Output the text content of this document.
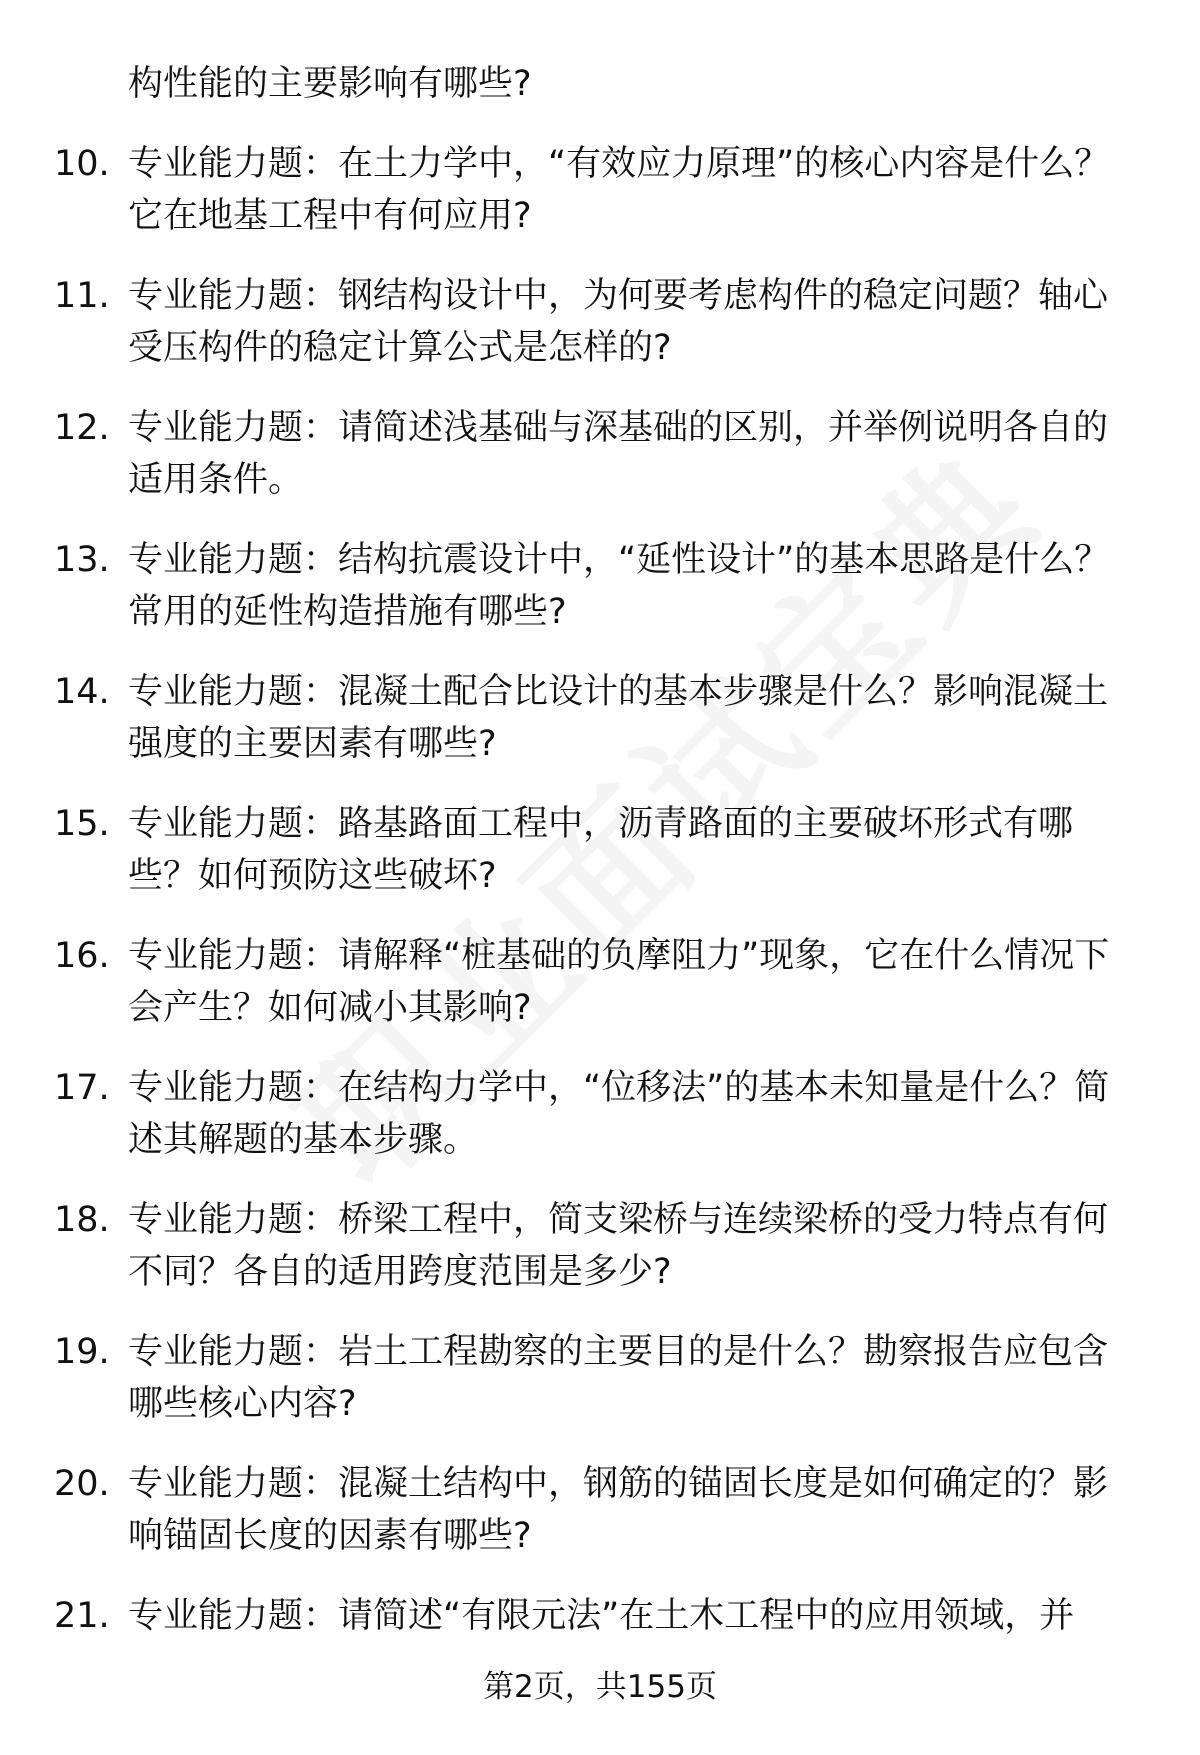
构性能的主要影响有哪些?
10. 专业能力题：在土力学中，“有效应力原理”的核心内容是什么？它在地基工程中有何应用?
11. 专业能力题：钢结构设计中，为何要考虑构件的稳定问题？轴心受压构件的稳定计算公式是怎样的?
12. 专业能力题：请简述浅基础与深基础的区别，并举例说明各自的适用条件。
13. 专业能力题：结构抗震设计中，“延性设计”的基本思路是什么？常用的延性构造措施有哪些?
14. 专业能力题：混凝土配合比设计的基本步骤是什么？影响混凝土强度的主要因素有哪些?
15. 专业能力题：路基路面工程中，沥青路面的主要破坏形式有哪些？如何预防这些破坏?
16. 专业能力题：请解释“桩基础的负摩阻力”现象，它在什么情况下会产生？如何减小其影响?
17. 专业能力题：在结构力学中，“位移法”的基本未知量是什么？简述其解题的基本步骤。
18. 专业能力题：桥梁工程中，简支梁桥与连续梁桥的受力特点有何不同？各自的适用跨度范围是多少?
19. 专业能力题：岩土工程勘察的主要目的是什么？勘察报告应包含哪些核心内容?
20. 专业能力题：混凝土结构中，钢筋的锚固长度是如何确定的？影响锚固长度的因素有哪些?
21. 专业能力题：请简述“有限元法”在土木工程中的应用领域，并
第2页，共155页
